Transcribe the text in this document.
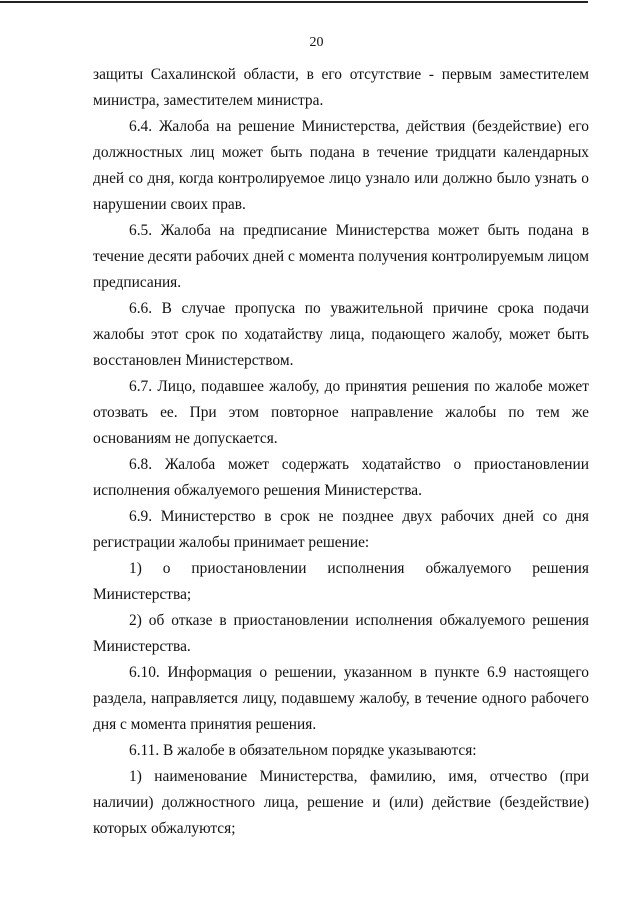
20

защиты Сахалинской области, в его отсутствие - первым заместителем министра, заместителем министра.

6.4. Жалоба на решение Министерства, действия (бездействие) его должностных лиц может быть подана в течение тридцати календарных дней со дня, когда контролируемое лицо узнало или должно было узнать о нарушении своих прав.

6.5. Жалоба на предписание Министерства может быть подана в течение десяти рабочих дней с момента получения контролируемым лицом предписания.

6.6. В случае пропуска по уважительной причине срока подачи жалобы этот срок по ходатайству лица, подающего жалобу, может быть восстановлен Министерством.

6.7. Лицо, подавшее жалобу, до принятия решения по жалобе может отозвать ее. При этом повторное направление жалобы по тем же основаниям не допускается.

6.8. Жалоба может содержать ходатайство о приостановлении исполнения обжалуемого решения Министерства.

6.9. Министерство в срок не позднее двух рабочих дней со дня регистрации жалобы принимает решение:

1) о приостановлении исполнения обжалуемого решения Министерства;

2) об отказе в приостановлении исполнения обжалуемого решения Министерства.

6.10. Информация о решении, указанном в пункте 6.9 настоящего раздела, направляется лицу, подавшему жалобу, в течение одного рабочего дня с момента принятия решения.

6.11. В жалобе в обязательном порядке указываются:

1) наименование Министерства, фамилию, имя, отчество (при наличии) должностного лица, решение и (или) действие (бездействие) которых обжалуются;
